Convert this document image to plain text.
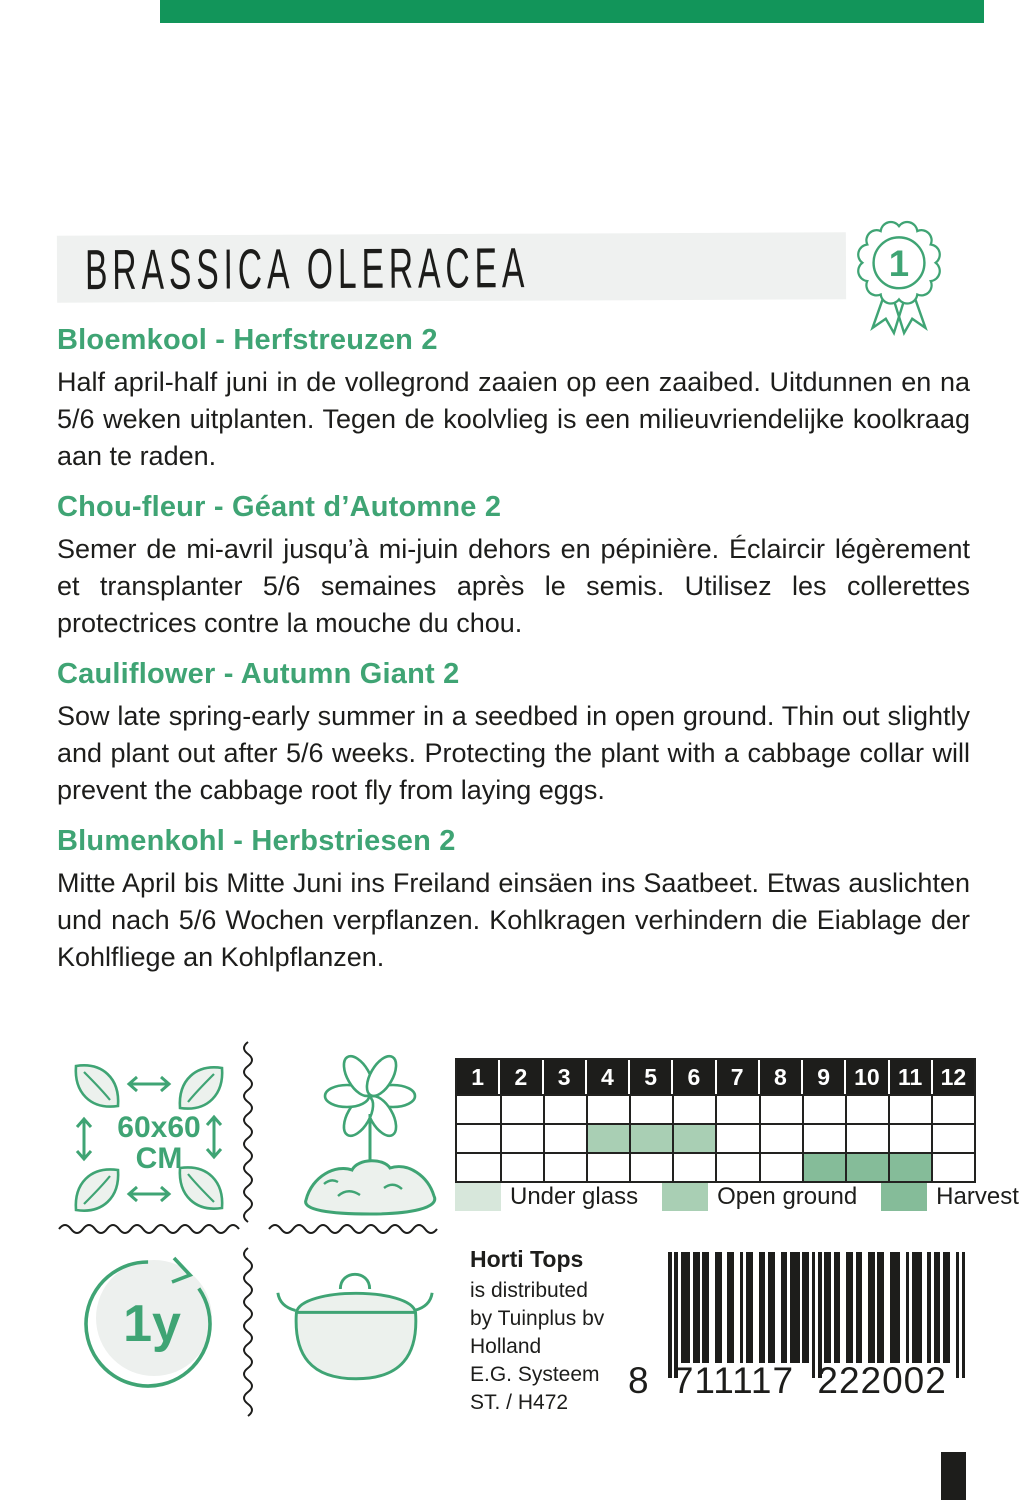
BRASSICA OLERACEA	1
Bloemkool - Herfstreuzen 2

Half april-half juni in de vollegrond zaaien op een zaaibed. Uitdunnen en na 5/6 weken uitplanten. Tegen de koolvlieg is een milieuvriendelijke koolkraag aan te raden.

Chou-fleur - Géant d’Automne 2

Semer de mi-avril jusqu’à mi-juin dehors en pépinière. Éclaircir légèrement et transplanter 5/6 semaines après le semis. Utilisez les collerettes protectrices contre la mouche du chou.

Cauliflower - Autumn Giant 2

Sow late spring-early summer in a seedbed in open ground. Thin out slightly and plant out after 5/6 weeks. Protecting the plant with a cabbage collar will prevent the cabbage root fly from laying eggs.

Blumenkohl - Herbstriesen 2

Mitte April bis Mitte Juni ins Freiland einsäen ins Saatbeet. Etwas auslichten und nach 5/6 Wochen verpflanzen. Kohlkragen verhindern die Eiablage der Kohlfliege an Kohlpflanzen.

60x60
CM
1	2	3	4	5	6	7	8	9	10 11 12
Under glass	Open ground	Harvest
1y
Horti Tops
is distributed
by Tuinplus bv
Holland
E.G. Systeem
ST. / H472
8 711117 222002
